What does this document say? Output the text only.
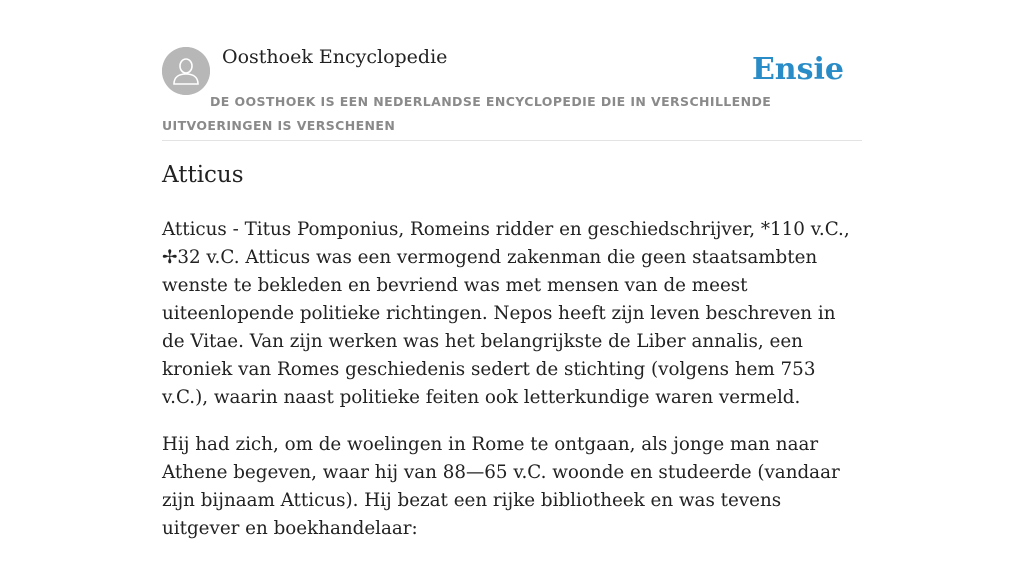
Oosthoek Encyclopedie	Ensie
DE OOSTHOEK IS EEN NEDERLANDSE ENCYCLOPEDIE DIE IN VERSCHILLENDE UITVOERINGEN IS VERSCHENEN
Atticus

Atticus - Titus Pomponius, Romeins ridder en geschiedschrijver, *110 v.C., ✢32 v.C. Atticus was een vermogend zakenman die geen staatsambten wenste te bekleden en bevriend was met mensen van de meest uiteenlopende politieke richtingen. Nepos heeft zijn leven beschreven in de Vitae. Van zijn werken was het belangrijkste de Liber annalis, een kroniek van Romes geschiedenis sedert de stichting (volgens hem 753 v.C.), waarin naast politieke feiten ook letterkundige waren vermeld.

Hij had zich, om de woelingen in Rome te ontgaan, als jonge man naar Athene begeven, waar hij van 88—65 v.C. woonde en studeerde (vandaar zijn bijnaam Atticus). Hij bezat een rijke bibliotheek en was tevens uitgever en boekhandelaar:
